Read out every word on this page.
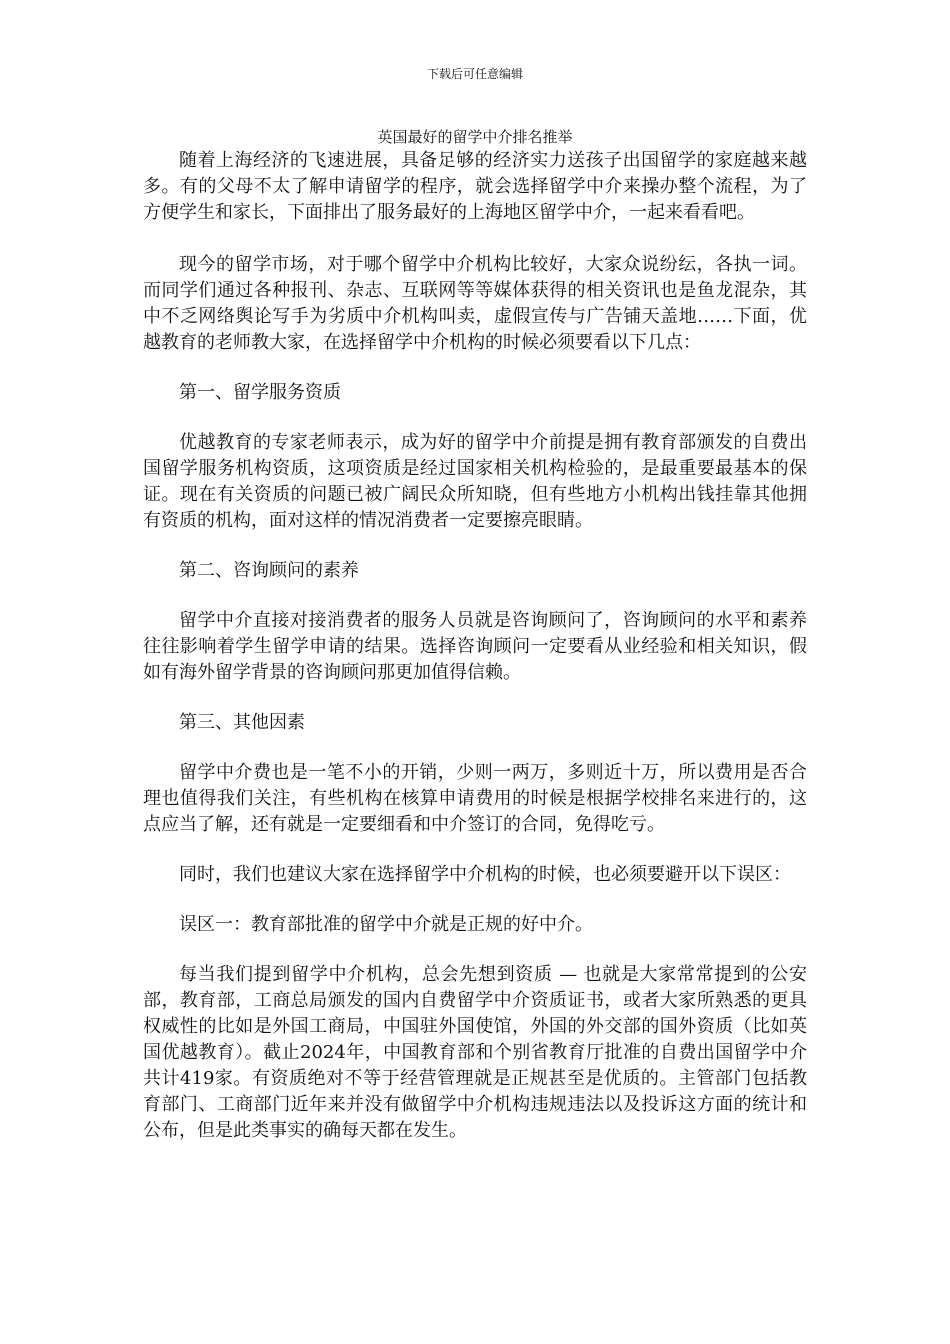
下载后可任意编辑
英国最好的留学中介排名推举

随着上海经济的飞速进展，具备足够的经济实力送孩子出国留学的家庭越来越多。有的父母不太了解申请留学的程序，就会选择留学中介来操办整个流程，为了方便学生和家长，下面排出了服务最好的上海地区留学中介，一起来看看吧。

现今的留学市场，对于哪个留学中介机构比较好，大家众说纷纭，各执一词。而同学们通过各种报刊、杂志、互联网等等媒体获得的相关资讯也是鱼龙混杂，其中不乏网络舆论写手为劣质中介机构叫卖，虚假宣传与广告铺天盖地……下面，优越教育的老师教大家，在选择留学中介机构的时候必须要看以下几点：

第一、留学服务资质

优越教育的专家老师表示，成为好的留学中介前提是拥有教育部颁发的自费出国留学服务机构资质，这项资质是经过国家相关机构检验的，是最重要最基本的保证。现在有关资质的问题已被广阔民众所知晓，但有些地方小机构出钱挂靠其他拥有资质的机构，面对这样的情况消费者一定要擦亮眼睛。

第二、咨询顾问的素养

留学中介直接对接消费者的服务人员就是咨询顾问了，咨询顾问的水平和素养往往影响着学生留学申请的结果。选择咨询顾问一定要看从业经验和相关知识，假如有海外留学背景的咨询顾问那更加值得信赖。

第三、其他因素

留学中介费也是一笔不小的开销，少则一两万，多则近十万，所以费用是否合理也值得我们关注，有些机构在核算申请费用的时候是根据学校排名来进行的，这点应当了解，还有就是一定要细看和中介签订的合同，免得吃亏。

同时，我们也建议大家在选择留学中介机构的时候，也必须要避开以下误区：

误区一：教育部批准的留学中介就是正规的好中介。

每当我们提到留学中介机构，总会先想到资质 — 也就是大家常常提到的公安部，教育部，工商总局颁发的国内自费留学中介资质证书，或者大家所熟悉的更具权威性的比如是外国工商局，中国驻外国使馆，外国的外交部的国外资质（比如英国优越教育）。截止2024年，中国教育部和个别省教育厅批准的自费出国留学中介共计419家。有资质绝对不等于经营管理就是正规甚至是优质的。主管部门包括教育部门、工商部门近年来并没有做留学中介机构违规违法以及投诉这方面的统计和公布，但是此类事实的确每天都在发生。
